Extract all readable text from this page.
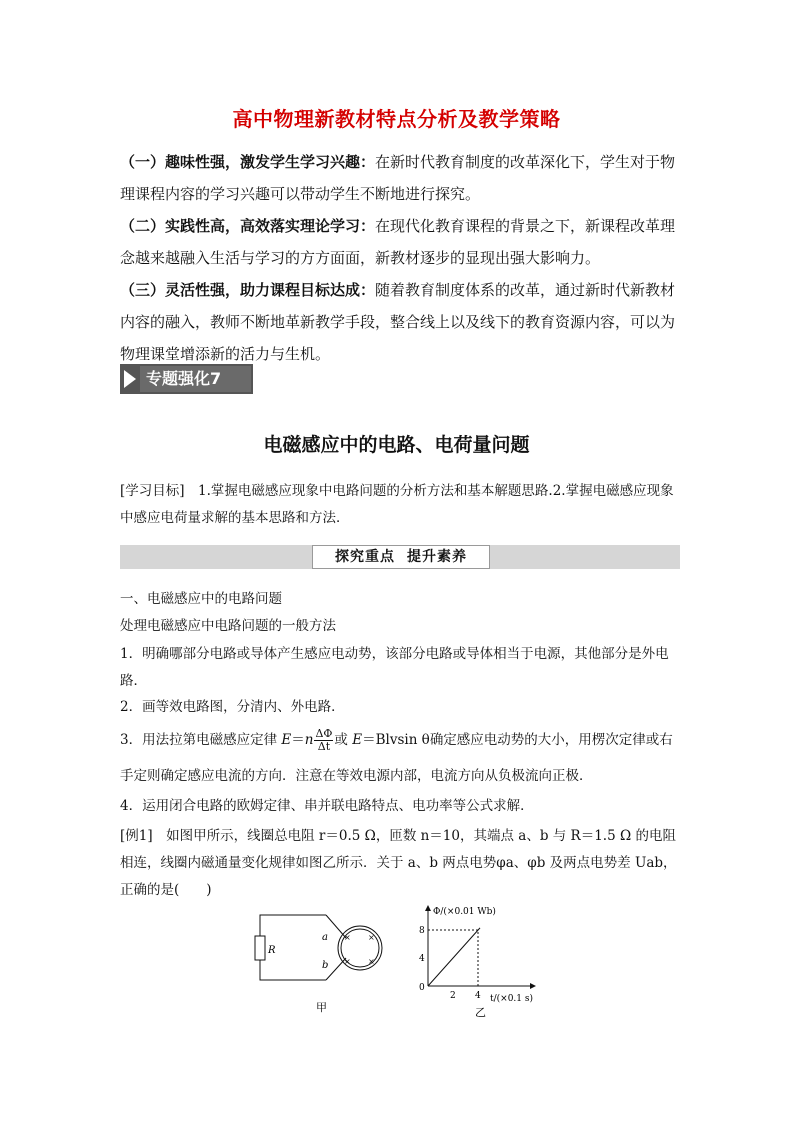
高中物理新教材特点分析及教学策略
（一）趣味性强，激发学生学习兴趣：在新时代教育制度的改革深化下，学生对于物理课程内容的学习兴趣可以带动学生不断地进行探究。
（二）实践性高，高效落实理论学习：在现代化教育课程的背景之下，新课程改革理念越来越融入生活与学习的方方面面，新教材逐步的显现出强大影响力。
（三）灵活性强，助力课程目标达成：随着教育制度体系的改革，通过新时代新教材内容的融入，教师不断地革新教学手段，整合线上以及线下的教育资源内容，可以为物理课堂增添新的活力与生机。
专题强化7
电磁感应中的电路、电荷量问题
[学习目标]　 1.掌握电磁感应现象中电路问题的分析方法和基本解题思路.2.掌握电磁感应现象中感应电荷量求解的基本思路和方法．
探究重点 提升素养
一、电磁感应中的电路问题
处理电磁感应中电路问题的一般方法
1．明确哪部分电路或导体产生感应电动势，该部分电路或导体相当于电源，其他部分是外电路．
2．画等效电路图，分清内、外电路．
3．用法拉第电磁感应定律 $E=n \frac{\Delta\Phi}{\Delta t}$ 或 E＝Blvsin θ确定感应电动势的大小，用楞次定律或右
手定则确定感应电流的方向．注意在等效电源内部，电流方向从负极流向正极．
4．运用闭合电路的欧姆定律、串并联电路特点、电功率等公式求解．
[例1]　如图甲所示，线圈总电阻 r＝0.5 Ω，匝数 n＝10，其端点 a、b 与 R＝1.5 Ω 的电阻相连，线圈内磁通量变化规律如图乙所示．关于 a、b 两点电势φa、φb 及两点电势差 Uab，正确的是(　　)
× ×
× ×
R
a
b
甲
Φ/(×0.01 Wb)
t/(×0.1 s)
0
4
8
2 4
乙
